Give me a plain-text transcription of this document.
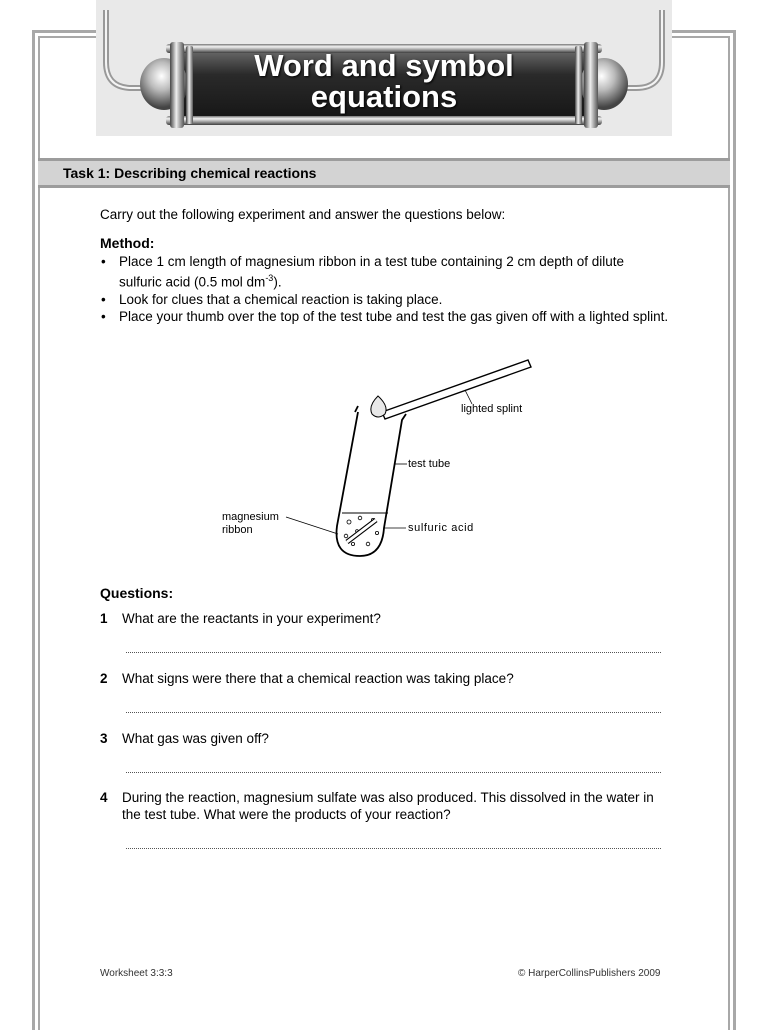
Word and symbol
equations
Task 1: Describing chemical reactions
Carry out the following experiment and answer the questions below:
Method:
• Place 1 cm length of magnesium ribbon in a test tube containing 2 cm depth of dilute sulfuric acid (0.5 mol $dm^{-3}$).
• Look for clues that a chemical reaction is taking place.
• Place your thumb over the top of the test tube and test the gas given off with a lighted splint.
lighted splint
test tube
magnesium
ribbon	sulfuric acid
Questions:
1 What are the reactants in your experiment?
2 What signs were there that a chemical reaction was taking place?
3 What gas was given off?
4 During the reaction, magnesium sulfate was also produced. This dissolved in the water in the test tube. What were the products of your reaction?
Worksheet 3:3:3	© HarperCollinsPublishers 2009
